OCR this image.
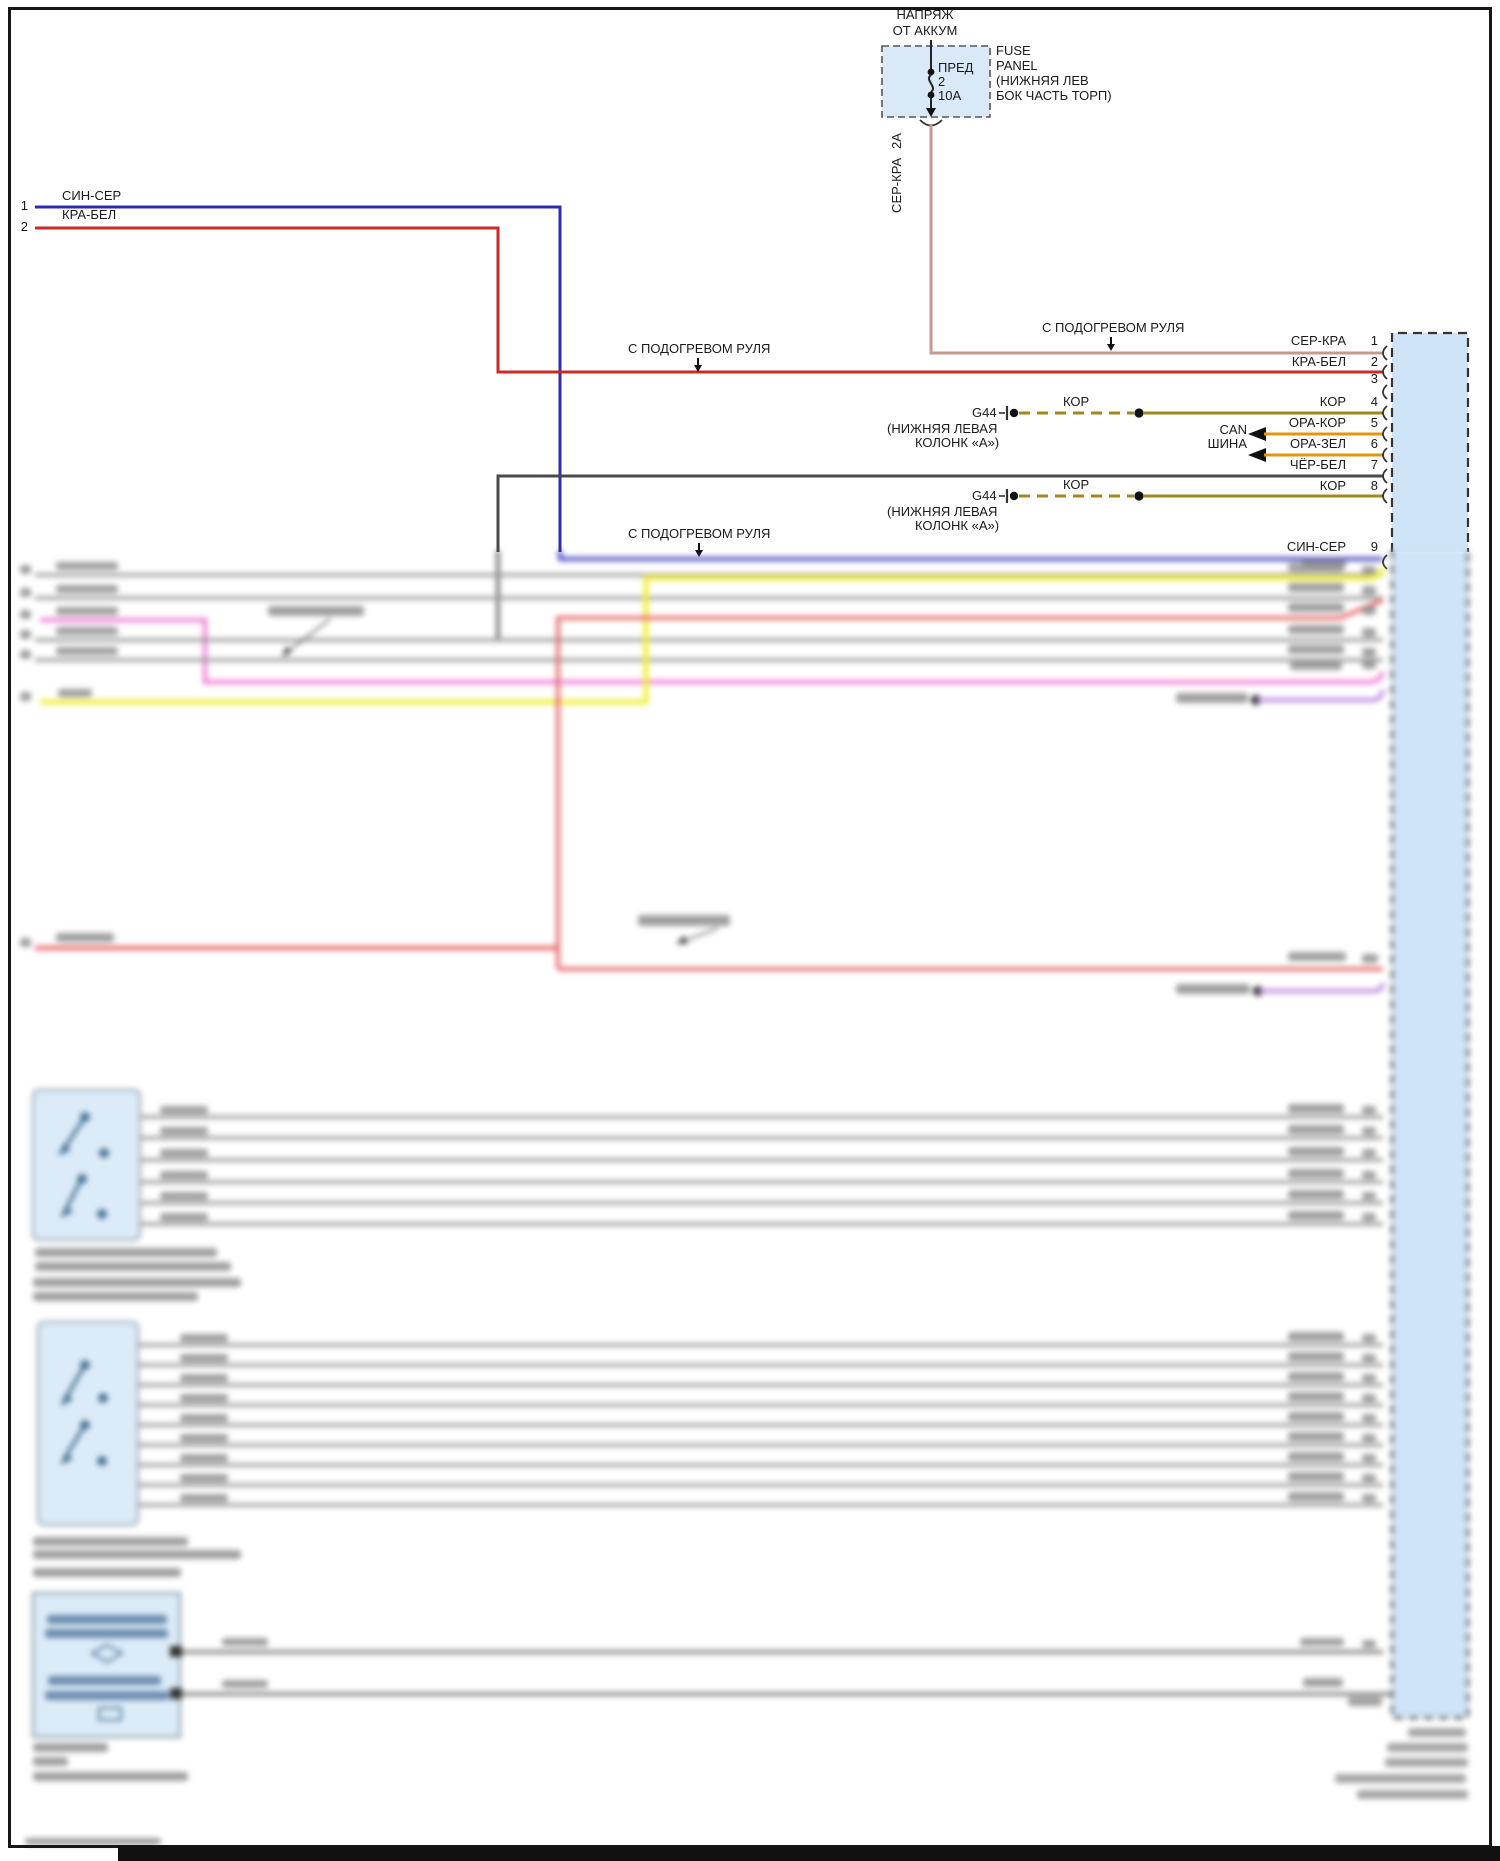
НАПРЯЖ
ОТ АККУМ
ПРЕД
2
10А
FUSE
PANEL
(НИЖНЯЯ ЛЕВ
БОК ЧАСТЬ ТОРП)
2А
СЕР-КРА
СИН-СЕР
1
КРА-БЕЛ
2
С ПОДОГРЕВОМ РУЛЯ
С ПОДОГРЕВОМ РУЛЯ
С ПОДОГРЕВОМ РУЛЯ
КОР
G44
(НИЖНЯЯ ЛЕВАЯ
КОЛОНК «А»)
КОР
G44
(НИЖНЯЯ ЛЕВАЯ
КОЛОНК «А»)
CAN
ШИНА
СЕР-КРА	1
КРА-БЕЛ	2
3
КОР	4
ОРА-КОР	5
ОРА-ЗЕЛ	6
ЧЁР-БЕЛ	7
КОР	8
СИН-СЕР	9
